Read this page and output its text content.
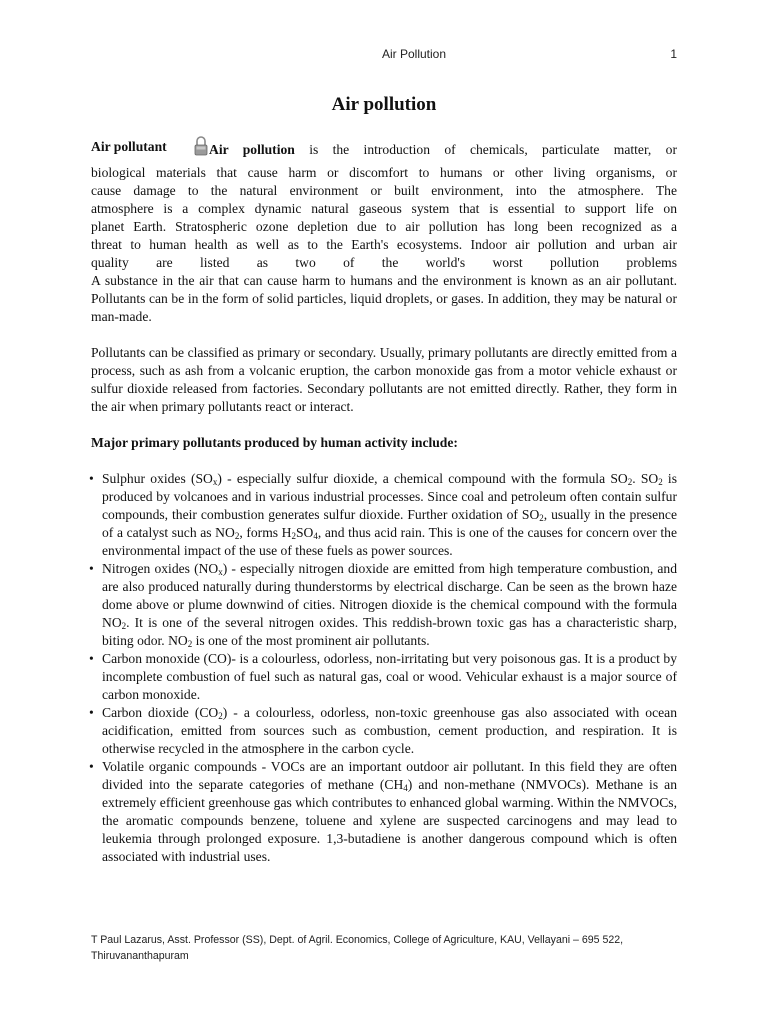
Air Pollution	1
Air pollution
Air pollutant	Air pollution is the introduction of chemicals, particulate matter, or
biological materials that cause harm or discomfort to humans or other living organisms, or
cause damage to the natural environment or built environment, into the atmosphere. The
atmosphere is a complex dynamic natural gaseous system that is essential to support life on
planet Earth. Stratospheric ozone depletion due to air pollution has long been recognized as a
threat to human health as well as to the Earth's ecosystems. Indoor air pollution and urban air
quality are listed as two of the world's worst pollution problems

A substance in the air that can cause harm to humans and the environment is known as an air pollutant. Pollutants can be in the form of solid particles, liquid droplets, or gases. In addition, they may be natural or man-made.

Pollutants can be classified as primary or secondary. Usually, primary pollutants are directly emitted from a process, such as ash from a volcanic eruption, the carbon monoxide gas from a motor vehicle exhaust or sulfur dioxide released from factories. Secondary pollutants are not emitted directly. Rather, they form in the air when primary pollutants react or interact.

Major primary pollutants produced by human activity include:

• Sulphur oxides $(SO_x)$ - especially sulfur dioxide, a chemical compound with the formula $SO_2$. $SO_2$ is produced by volcanoes and in various industrial processes. Since coal and petroleum often contain sulfur compounds, their combustion generates sulfur dioxide. Further oxidation of $SO_2$, usually in the presence of a catalyst such as $NO_2$, forms $H_2SO_4$, and thus acid rain. This is one of the causes for concern over the environmental impact of the use of these fuels as power sources.
• Nitrogen oxides $(NO_x)$ - especially nitrogen dioxide are emitted from high temperature combustion, and are also produced naturally during thunderstorms by electrical discharge. Can be seen as the brown haze dome above or plume downwind of cities. Nitrogen dioxide is the chemical compound with the formula $NO_2$. It is one of the several nitrogen oxides. This reddish-brown toxic gas has a characteristic sharp, biting odor. $NO_2$ is one of the most prominent air pollutants.
• Carbon monoxide (CO)- is a colourless, odorless, non-irritating but very poisonous gas. It is a product by incomplete combustion of fuel such as natural gas, coal or wood. Vehicular exhaust is a major source of carbon monoxide.
• Carbon dioxide $(CO_2)$ - a colourless, odorless, non-toxic greenhouse gas also associated with ocean acidification, emitted from sources such as combustion, cement production, and respiration. It is otherwise recycled in the atmosphere in the carbon cycle.
• Volatile organic compounds - VOCs are an important outdoor air pollutant. In this field they are often divided into the separate categories of methane $(CH_4)$ and non-methane (NMVOCs). Methane is an extremely efficient greenhouse gas which contributes to enhanced global warming. Within the NMVOCs, the aromatic compounds benzene, toluene and xylene are suspected carcinogens and may lead to leukemia through prolonged exposure. 1,3-butadiene is another dangerous compound which is often associated with industrial uses.
T Paul Lazarus, Asst. Professor (SS), Dept. of Agril. Economics, College of Agriculture, KAU, Vellayani – 695 522,
Thiruvananthapuram
